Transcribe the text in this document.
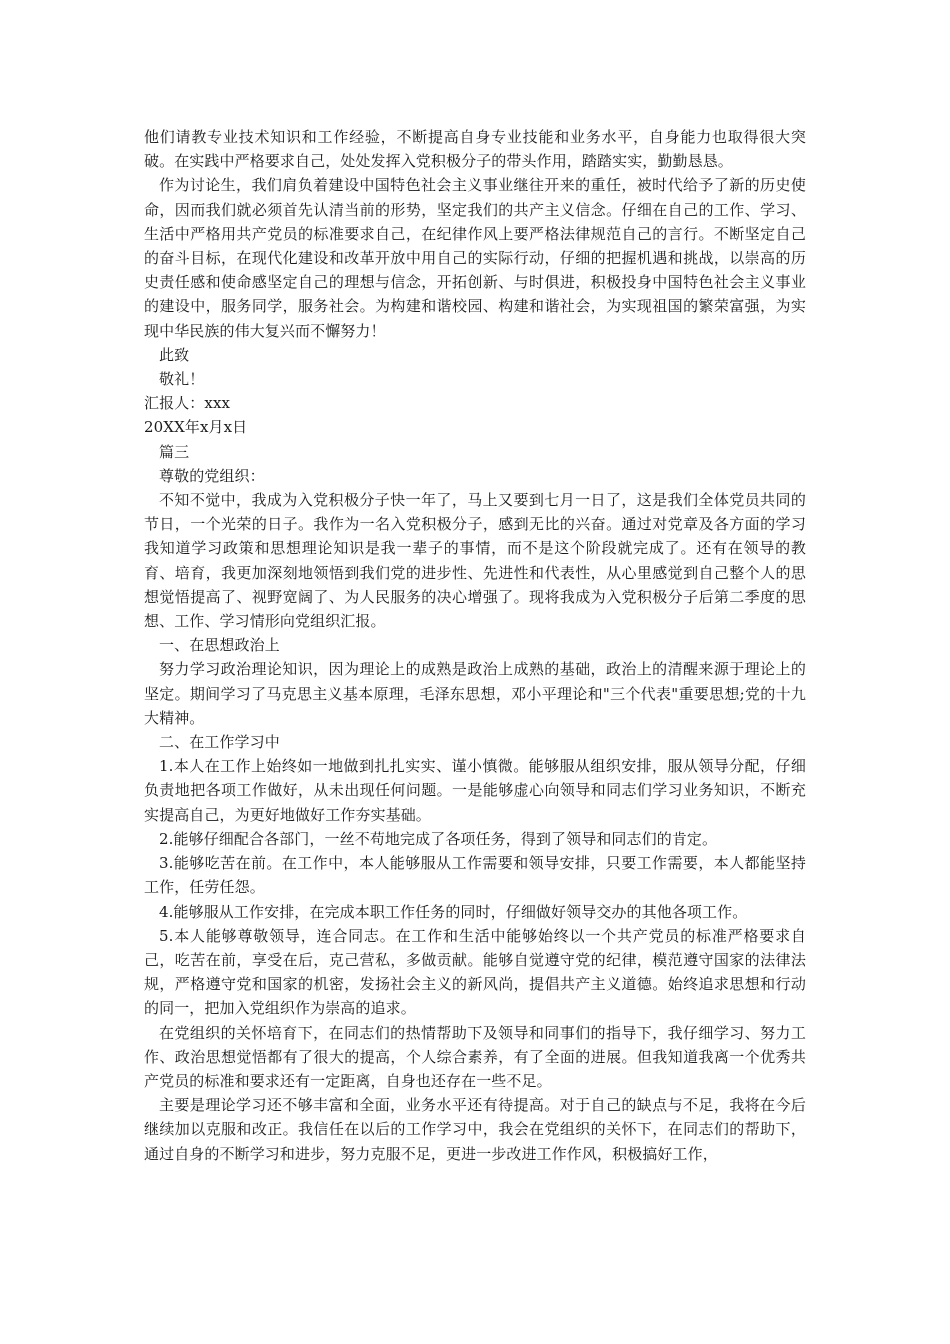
他们请教专业技术知识和工作经验，不断提高自身专业技能和业务水平，自身能力也取得很大突破。在实践中严格要求自己，处处发挥入党积极分子的带头作用，踏踏实实，勤勤恳恳。

作为讨论生，我们肩负着建设中国特色社会主义事业继往开来的重任，被时代给予了新的历史使命，因而我们就必须首先认清当前的形势，坚定我们的共产主义信念。仔细在自己的工作、学习、生活中严格用共产党员的标准要求自己，在纪律作风上要严格法律规范自己的言行。不断坚定自己的奋斗目标，在现代化建设和改革开放中用自己的实际行动，仔细的把握机遇和挑战，以崇高的历史责任感和使命感坚定自己的理想与信念，开拓创新、与时俱进，积极投身中国特色社会主义事业的建设中，服务同学，服务社会。为构建和谐校园、构建和谐社会，为实现祖国的繁荣富强，为实现中华民族的伟大复兴而不懈努力！

此致

敬礼！

汇报人：xxx

20XX年x月x日

篇三

尊敬的党组织：

不知不觉中，我成为入党积极分子快一年了，马上又要到七月一日了，这是我们全体党员共同的节日，一个光荣的日子。我作为一名入党积极分子，感到无比的兴奋。通过对党章及各方面的学习我知道学习政策和思想理论知识是我一辈子的事情，而不是这个阶段就完成了。还有在领导的教育、培育，我更加深刻地领悟到我们党的进步性、先进性和代表性，从心里感觉到自己整个人的思想觉悟提高了、视野宽阔了、为人民服务的决心增强了。现将我成为入党积极分子后第二季度的思想、工作、学习情形向党组织汇报。

一、在思想政治上

努力学习政治理论知识，因为理论上的成熟是政治上成熟的基础，政治上的清醒来源于理论上的坚定。期间学习了马克思主义基本原理，毛泽东思想，邓小平理论和"三个代表"重要思想;党的十九大精神。

二、在工作学习中

1.本人在工作上始终如一地做到扎扎实实、谨小慎微。能够服从组织安排，服从领导分配，仔细负责地把各项工作做好，从未出现任何问题。一是能够虚心向领导和同志们学习业务知识，不断充实提高自己，为更好地做好工作夯实基础。

2.能够仔细配合各部门，一丝不苟地完成了各项任务，得到了领导和同志们的肯定。

3.能够吃苦在前。在工作中，本人能够服从工作需要和领导安排，只要工作需要，本人都能坚持工作，任劳任怨。

4.能够服从工作安排，在完成本职工作任务的同时，仔细做好领导交办的其他各项工作。

5.本人能够尊敬领导，连合同志。在工作和生活中能够始终以一个共产党员的标准严格要求自己，吃苦在前，享受在后，克己营私，多做贡献。能够自觉遵守党的纪律，模范遵守国家的法律法规，严格遵守党和国家的机密，发扬社会主义的新风尚，提倡共产主义道德。始终追求思想和行动的同一，把加入党组织作为崇高的追求。

在党组织的关怀培育下，在同志们的热情帮助下及领导和同事们的指导下，我仔细学习、努力工作、政治思想觉悟都有了很大的提高，个人综合素养，有了全面的进展。但我知道我离一个优秀共产党员的标准和要求还有一定距离，自身也还存在一些不足。

主要是理论学习还不够丰富和全面，业务水平还有待提高。对于自己的缺点与不足，我将在今后继续加以克服和改正。我信任在以后的工作学习中，我会在党组织的关怀下，在同志们的帮助下，通过自身的不断学习和进步，努力克服不足，更进一步改进工作作风，积极搞好工作，
